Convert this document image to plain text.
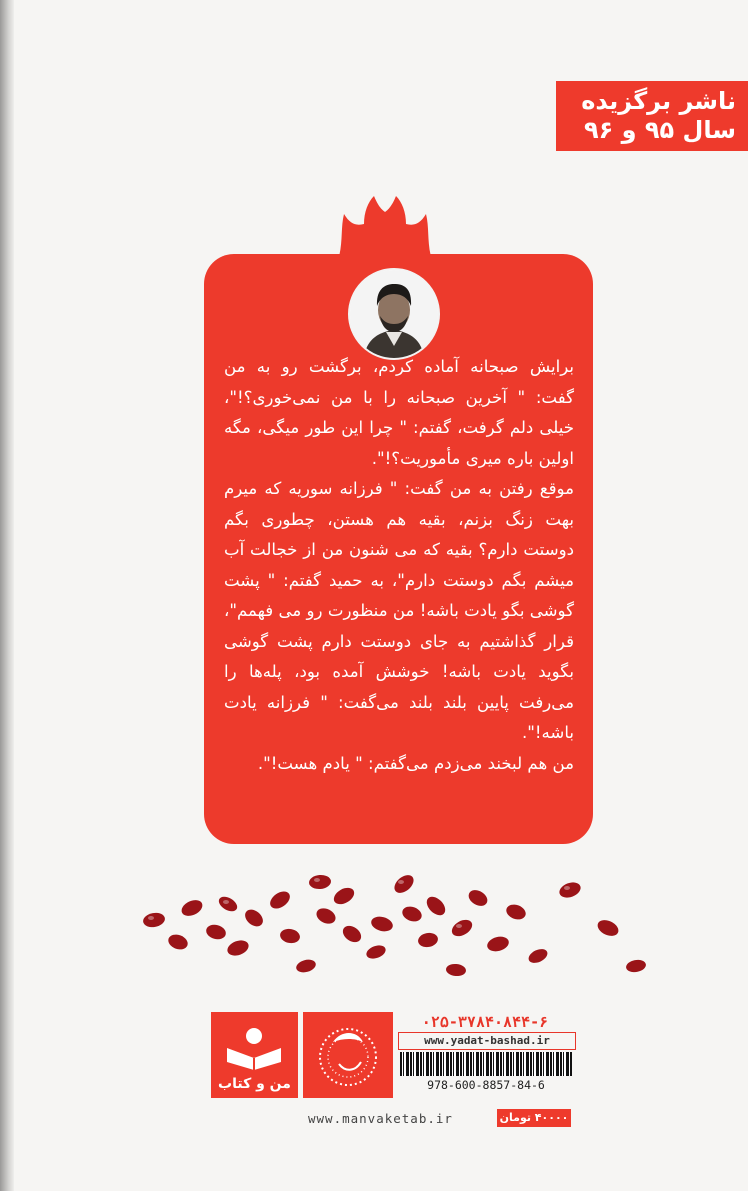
ناشر برگزیده
سال ۹۵ و ۹۶

برایش صبحانه آماده کردم، برگشت رو به من گفت: " آخرین صبحانه را با من نمی‌خوری؟!"، خیلی دلم گرفت، گفتم: " چرا این طور میگی، مگه اولین باره میری مأموریت؟!".

موقع رفتن به من گفت: " فرزانه سوریه که میرم بهت زنگ بزنم، بقیه هم هستن، چطوری بگم دوستت دارم؟ بقیه که می شنون من از خجالت آب میشم بگم دوستت دارم"، به حمید گفتم: " پشت گوشی بگو یادت باشه! من منظورت رو می فهمم"، قرار گذاشتیم به جای دوستت دارم پشت گوشی بگوید یادت باشه! خوشش آمده بود، پله‌ها را می‌رفت پایین بلند بلند می‌گفت: " فرزانه یادت باشه!".

من هم لبخند می‌زدم می‌گفتم: " یادم هست!".

من و کتاب
۰۲۵-۳۷۸۴۰۸۴۴-۶
www.yadat-bashad.ir
978-600-8857-84-6
www.manvaketab.ir	۴۰۰۰۰ تومان
